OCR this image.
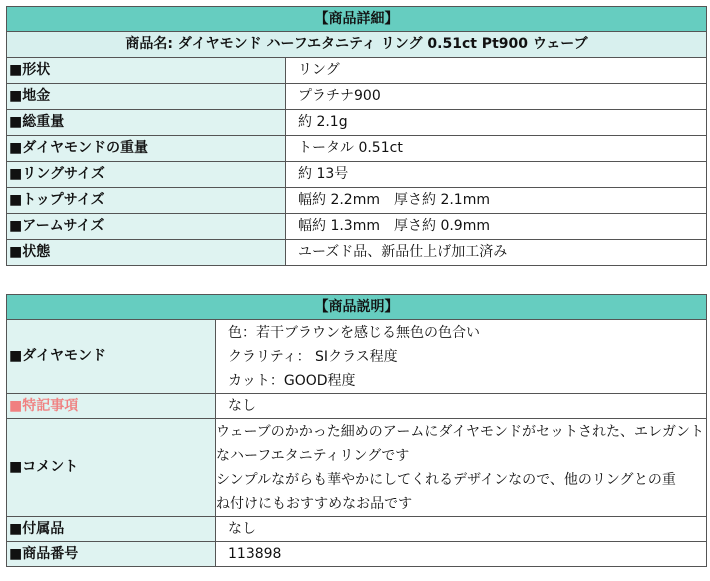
【商品詳細】	
商品名: ダイヤモンド ハーフエタニティ リング 0.51ct Pt900 ウェーブ	
■形状	リング
■地金	プラチナ900
■総重量	約 2.1g
■ダイヤモンドの重量	トータル 0.51ct
■リングサイズ	約 13号
■トップサイズ	幅約 2.2mm　厚さ約 2.1mm
■アームサイズ	幅約 1.3mm　厚さ約 0.9mm
■状態	ユーズド品、新品仕上げ加工済み
【商品説明】	
■ダイヤモンド	色：若干ブラウンを感じる無色の色合い
クラリティ： SIクラス程度
カット：GOOD程度

■特記事項	なし
■コメント	ウェーブのかかった細めのアームにダイヤモンドがセットされた、エレガント
なハーフエタニティリングです
シンプルながらも華やかにしてくれるデザインなので、他のリングとの重
ね付けにもおすすめなお品です

■付属品	なし
■商品番号	113898
